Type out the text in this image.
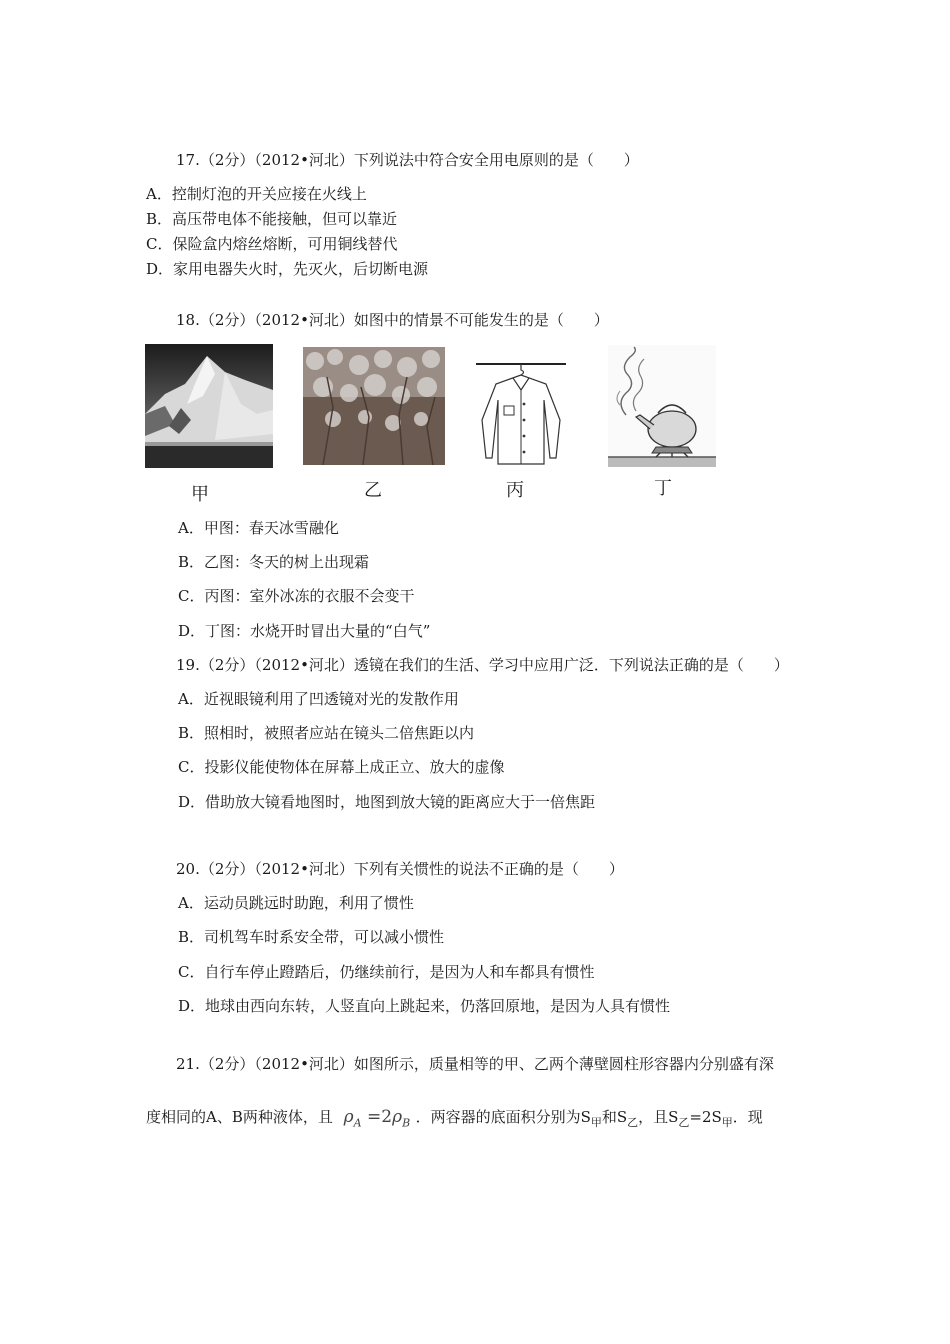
17.（2分）（2012•河北）下列说法中符合安全用电原则的是（　　）
A．控制灯泡的开关应接在火线上
B．高压带电体不能接触，但可以靠近
C．保险盒内熔丝熔断，可用铜线替代
D．家用电器失火时，先灭火，后切断电源
18.（2分）（2012•河北）如图中的情景不可能发生的是（　　）
甲	乙	丙	丁
A．甲图：春天冰雪融化
B．乙图：冬天的树上出现霜
C．丙图：室外冰冻的衣服不会变干
D．丁图：水烧开时冒出大量的“白气”
19.（2分）（2012•河北）透镜在我们的生活、学习中应用广泛．下列说法正确的是（　　）
A．近视眼镜利用了凹透镜对光的发散作用
B．照相时，被照者应站在镜头二倍焦距以内
C．投影仪能使物体在屏幕上成正立、放大的虚像
D．借助放大镜看地图时，地图到放大镜的距离应大于一倍焦距
20.（2分）（2012•河北）下列有关惯性的说法不正确的是（　　）
A．运动员跳远时助跑，利用了惯性
B．司机驾车时系安全带，可以减小惯性
C．自行车停止蹬踏后，仍继续前行，是因为人和车都具有惯性
D．地球由西向东转，人竖直向上跳起来，仍落回原地，是因为人具有惯性
21.（2分）（2012•河北）如图所示，质量相等的甲、乙两个薄壁圆柱形容器内分别盛有深
度相同的A、B两种液体，且 $\rho_A =2\rho_B$ ．两容器的底面积分别为$S_甲$和$S_乙$，且$S_乙=2S_甲$．现
